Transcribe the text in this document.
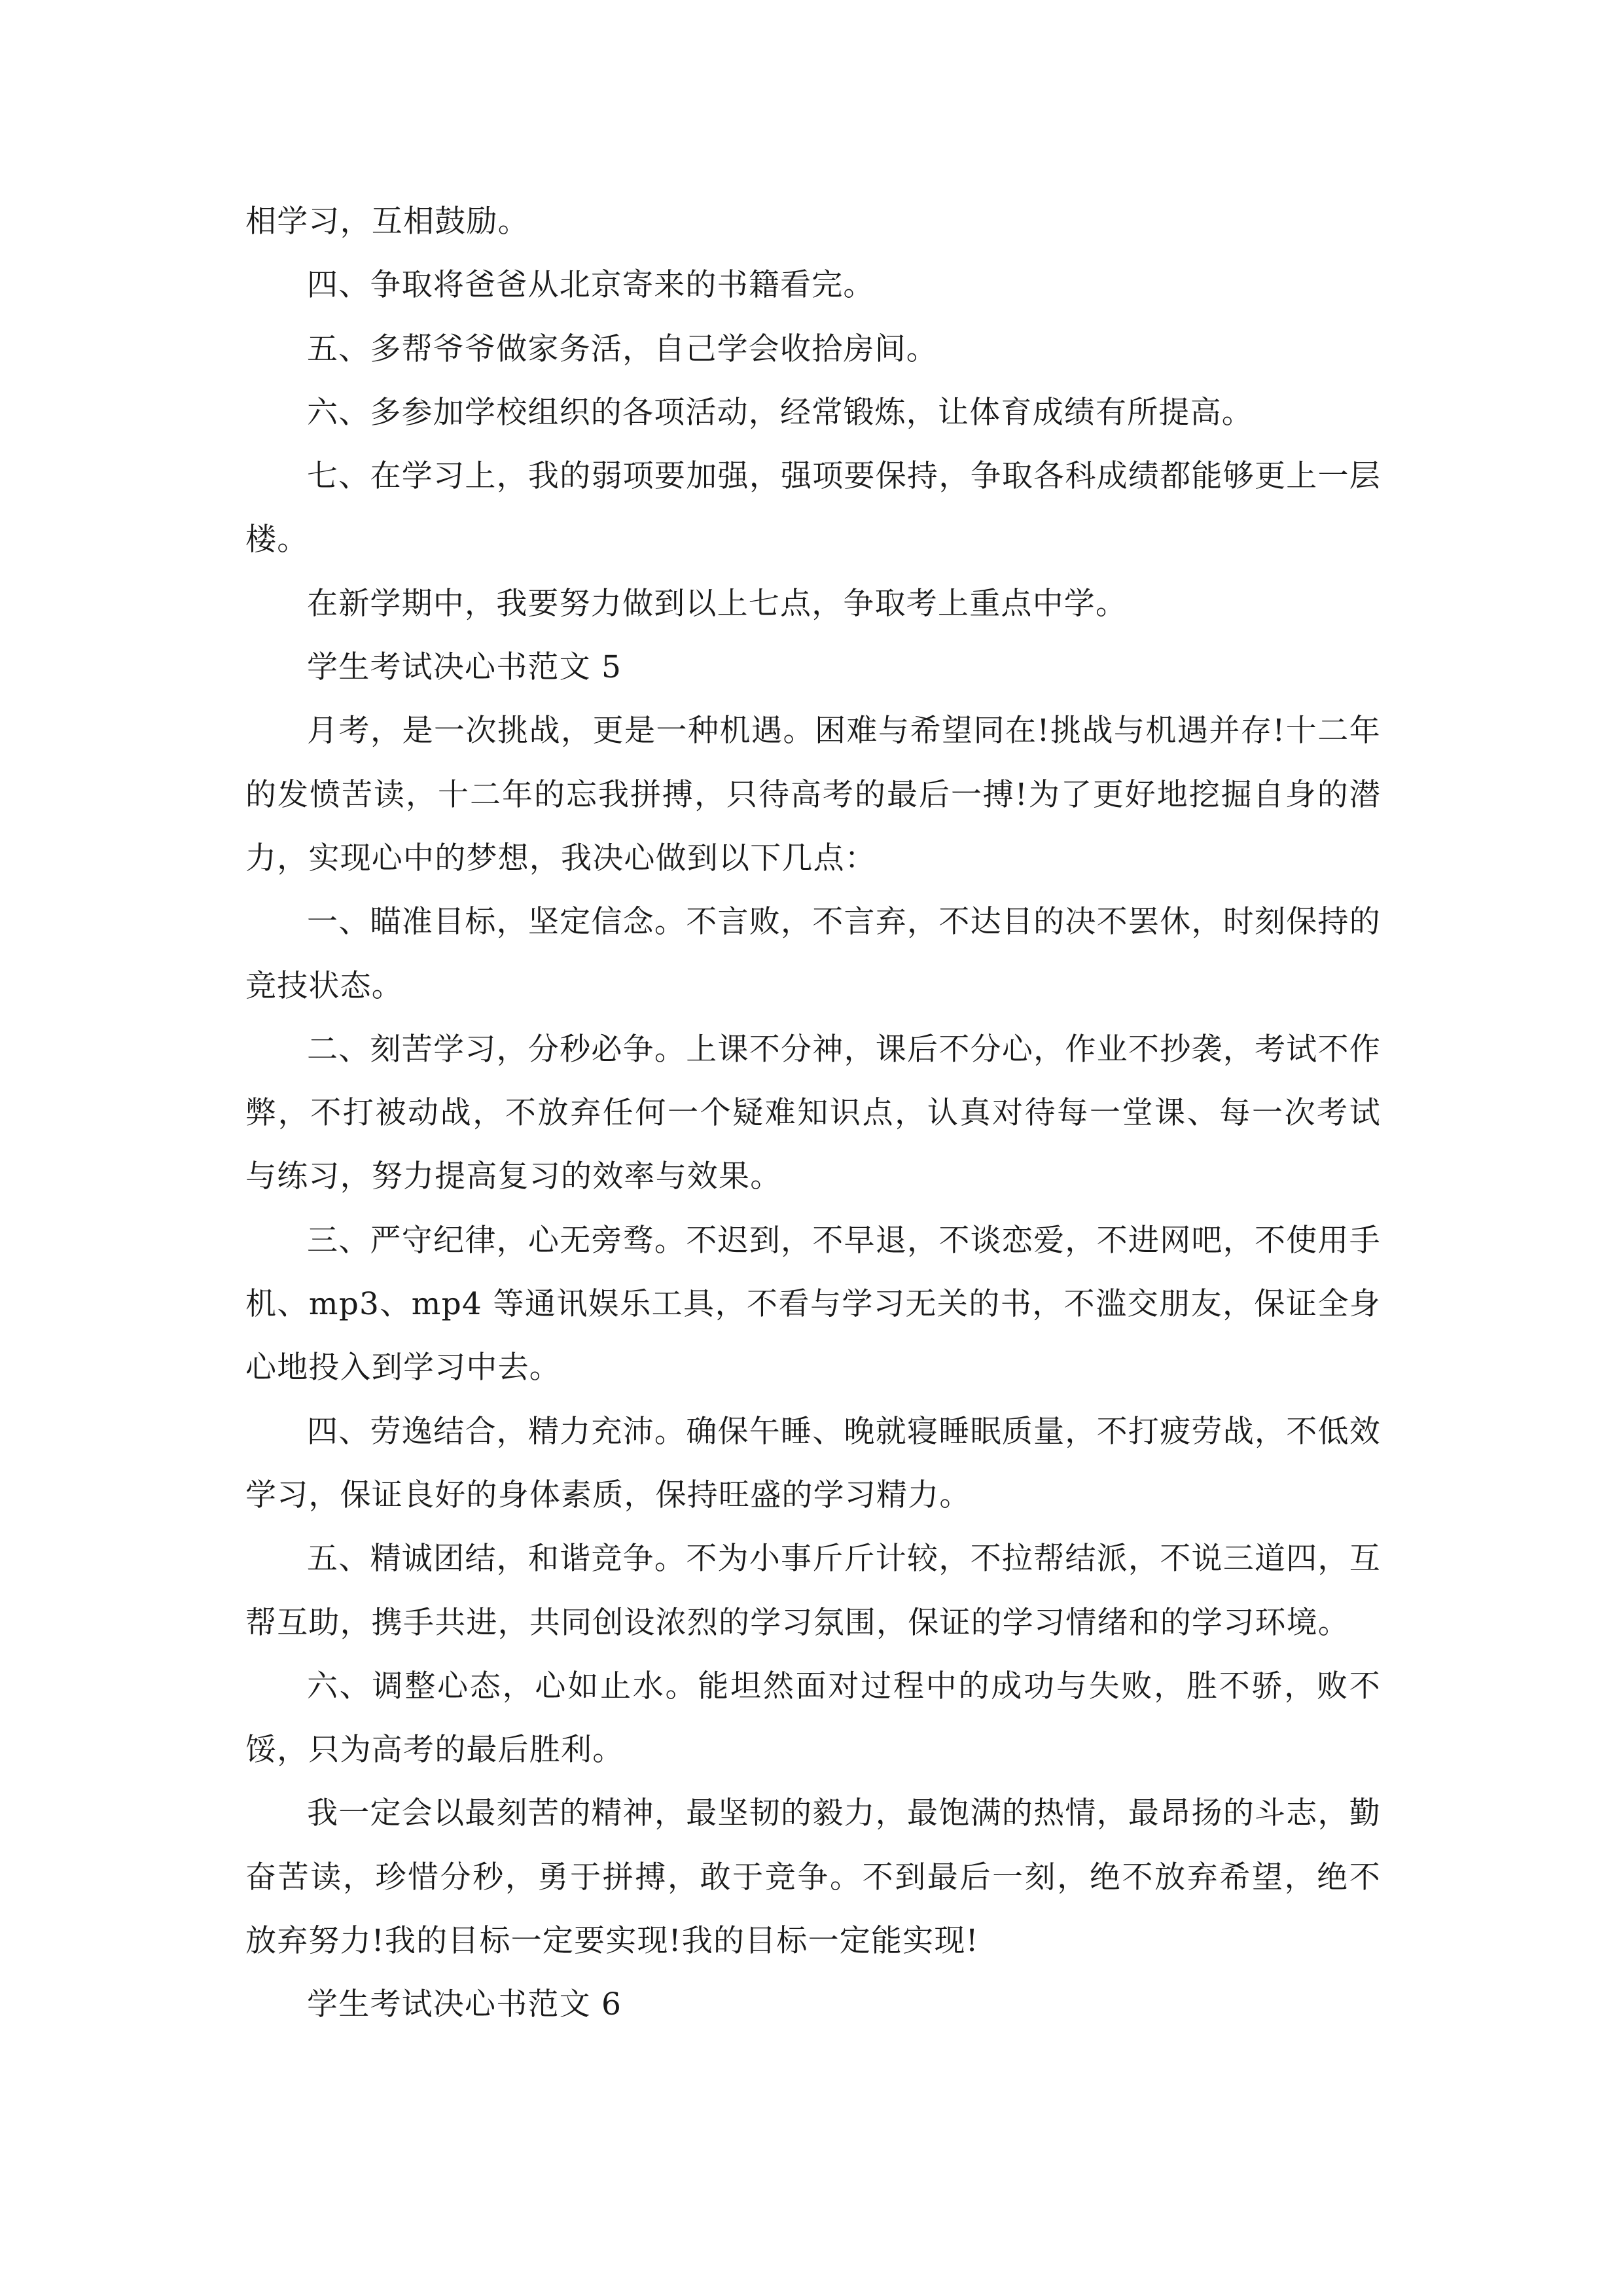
相学习，互相鼓励。

四、争取将爸爸从北京寄来的书籍看完。

五、多帮爷爷做家务活，自己学会收拾房间。

六、多参加学校组织的各项活动，经常锻炼，让体育成绩有所提高。

七、在学习上，我的弱项要加强，强项要保持，争取各科成绩都能够更上一层楼。

在新学期中，我要努力做到以上七点，争取考上重点中学。

学生考试决心书范文 5

月考，是一次挑战，更是一种机遇。困难与希望同在!挑战与机遇并存!十二年的发愤苦读，十二年的忘我拼搏，只待高考的最后一搏!为了更好地挖掘自身的潜力，实现心中的梦想，我决心做到以下几点：

一、瞄准目标，坚定信念。不言败，不言弃，不达目的决不罢休，时刻保持的竞技状态。

二、刻苦学习，分秒必争。上课不分神，课后不分心，作业不抄袭，考试不作弊，不打被动战，不放弃任何一个疑难知识点，认真对待每一堂课、每一次考试与练习，努力提高复习的效率与效果。

三、严守纪律，心无旁骛。不迟到，不早退，不谈恋爱，不进网吧，不使用手机、mp3、mp4 等通讯娱乐工具，不看与学习无关的书，不滥交朋友，保证全身心地投入到学习中去。

四、劳逸结合，精力充沛。确保午睡、晚就寝睡眠质量，不打疲劳战，不低效学习，保证良好的身体素质，保持旺盛的学习精力。

五、精诚团结，和谐竞争。不为小事斤斤计较，不拉帮结派，不说三道四，互帮互助，携手共进，共同创设浓烈的学习氛围，保证的学习情绪和的学习环境。

六、调整心态，心如止水。能坦然面对过程中的成功与失败，胜不骄，败不馁，只为高考的最后胜利。

我一定会以最刻苦的精神，最坚韧的毅力，最饱满的热情，最昂扬的斗志，勤奋苦读，珍惜分秒，勇于拼搏，敢于竞争。不到最后一刻，绝不放弃希望，绝不放弃努力!我的目标一定要实现!我的目标一定能实现!

学生考试决心书范文 6
